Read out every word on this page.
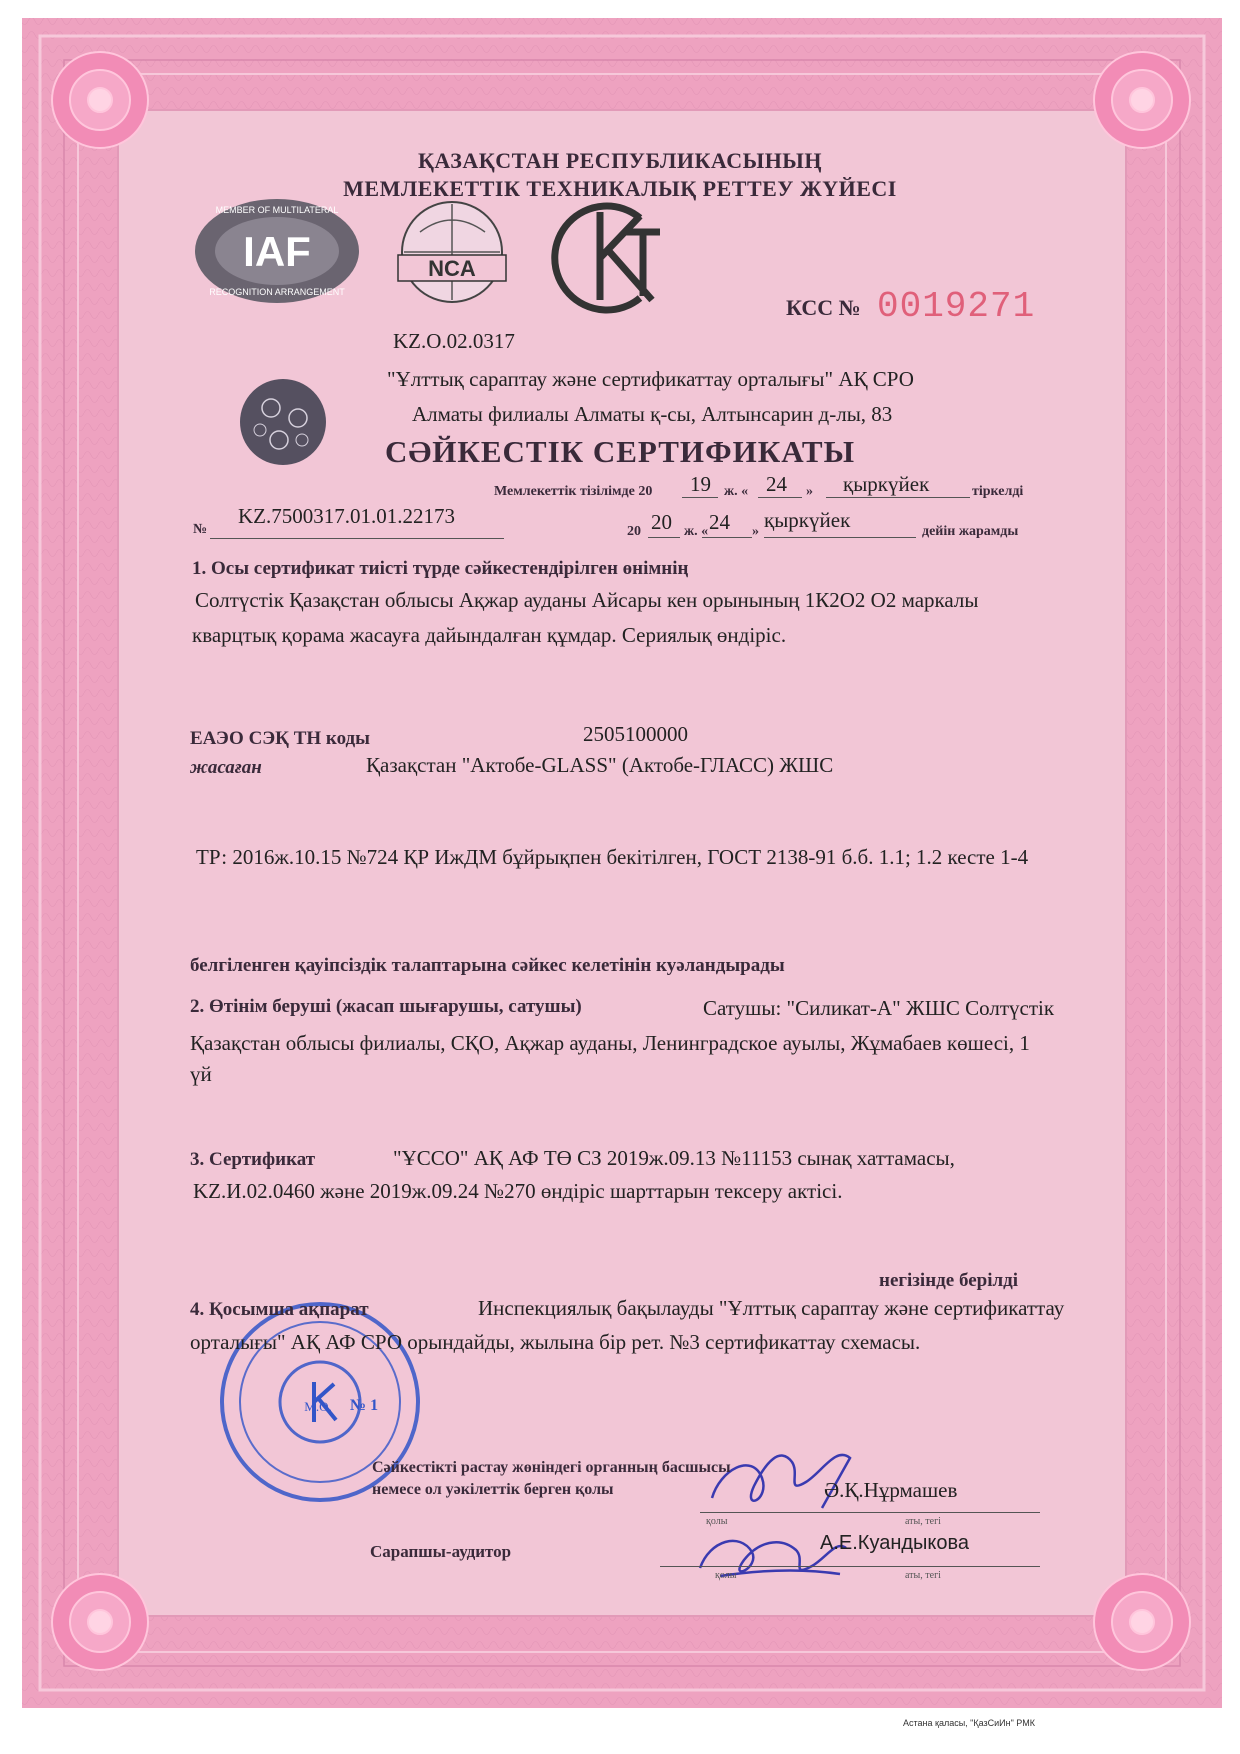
IAF
MEMBER OF MULTILATERAL
RECOGNITION ARRANGEMENT
NCA
№ 1
М.О.
ҚАЗАҚСТАН РЕСПУБЛИКАСЫНЫҢ
МЕМЛЕКЕТТІК ТЕХНИКАЛЫҚ РЕТТЕУ ЖҮЙЕСІ
КСС № 0019271
KZ.O.02.0317
"Ұлттық сараптау және сертификаттау орталығы" АҚ СРО
Алматы филиалы Алматы қ-сы, Алтынсарин д-лы, 83
СӘЙКЕСТІК СЕРТИФИКАТЫ
Мемлекеттік тізілімде 20 19 ж. « 24 » қыркүйек	тіркелді
№
KZ.7500317.01.01.22173
20 20 ж. « 24 » қыркүйек	дейін жарамды
1. Осы сертификат тиісті түрде сәйкестендірілген өнімнің
Солтүстік Қазақстан облысы Ақжар ауданы Айсары кен орынының 1К2О2 О2 маркалы
кварцтық қорама жасауға дайындалған құмдар. Сериялық өндіріс.
ЕАЭО СЭҚ ТН коды	2505100000
жасаған	Қазақстан "Актобе-GLASS" (Актобе-ГЛАСС) ЖШС
ТР: 2016ж.10.15 №724 ҚР ИжДМ бұйрықпен бекітілген, ГОСТ 2138-91 б.б. 1.1; 1.2 кесте 1-4
белгіленген қауіпсіздік талаптарына сәйкес келетінін куәландырады
2. Өтінім беруші (жасап шығарушы, сатушы)	Сатушы: "Силикат-А" ЖШС Солтүстік
Қазақстан облысы филиалы, СҚО, Ақжар ауданы, Ленинградское ауылы, Жұмабаев көшесі, 1
үй
3. Сертификат	"ҰССО" АҚ АФ ТӨ СЗ 2019ж.09.13 №11153 сынақ хаттамасы,
KZ.И.02.0460 және 2019ж.09.24 №270 өндіріс шарттарын тексеру актісі.
негізінде берілді
4. Қосымша ақпарат	Инспекциялық бақылауды "Ұлттық сараптау және сертификаттау
орталығы" АҚ АФ СРО орындайды, жылына бір рет. №3 сертификаттау схемасы.
Сәйкестікті растау жөніндегі органның басшысы
немесе ол уәкілеттік берген қолы	Ә.Қ.Нұрмашев
қолы	аты, тегі
Сарапшы-аудитор	А.Е.Куандыкова
қолы	аты, тегі
Астана қаласы, "ҚазСиИн" РМК
